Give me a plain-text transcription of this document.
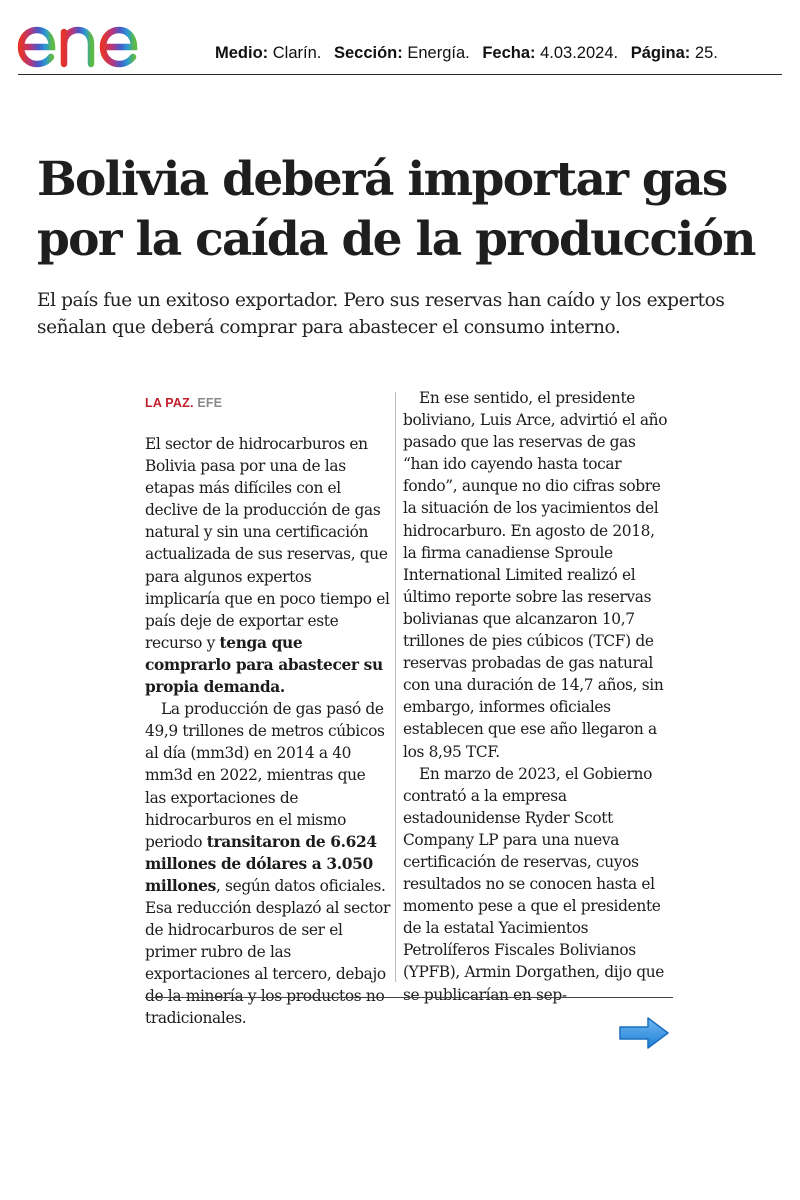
Medio: Clarín. Sección: Energía. Fecha: 4.03.2024. Página: 25.
Bolivia deberá importar gas
por la caída de la producción

El país fue un exitoso exportador. Pero sus reservas han caído y los expertos
señalan que deberá comprar para abastecer el consumo interno.

LA PAZ. EFE

El sector de hidrocarburos en Bolivia pasa por una de las etapas más difíciles con el declive de la producción de gas natural y sin una certificación actualizada de sus reservas, que para algunos expertos implicaría que en poco tiempo el país deje de exportar este recurso y tenga que comprarlo para abastecer su propia demanda.

La producción de gas pasó de 49,9 trillones de metros cúbicos al día (mm3d) en 2014 a 40 mm3d en 2022, mientras que las exportaciones de hidrocarburos en el mismo periodo transitaron de 6.624 millones de dólares a 3.050 millones, según datos oficiales. Esa reducción desplazó al sector de hidrocarburos de ser el primer rubro de las exportaciones al tercero, debajo de la minería y los productos no tradicionales.

En ese sentido, el presidente boliviano, Luis Arce, advirtió el año pasado que las reservas de gas “han ido cayendo hasta tocar fondo”, aunque no dio cifras sobre la situación de los yacimientos del hidrocarburo. En agosto de 2018, la firma canadiense Sproule International Limited realizó el último reporte sobre las reservas bolivianas que alcanzaron 10,7 trillones de pies cúbicos (TCF) de reservas probadas de gas natural con una duración de 14,7 años, sin embargo, informes oficiales establecen que ese año llegaron a los 8,95 TCF.

En marzo de 2023, el Gobierno contrató a la empresa estadounidense Ryder Scott Company LP para una nueva certificación de reservas, cuyos resultados no se conocen hasta el momento pese a que el presidente de la estatal Yacimientos Petrolíferos Fiscales Bolivianos (YPFB), Armin Dorgathen, dijo que se publicarían en sep-
